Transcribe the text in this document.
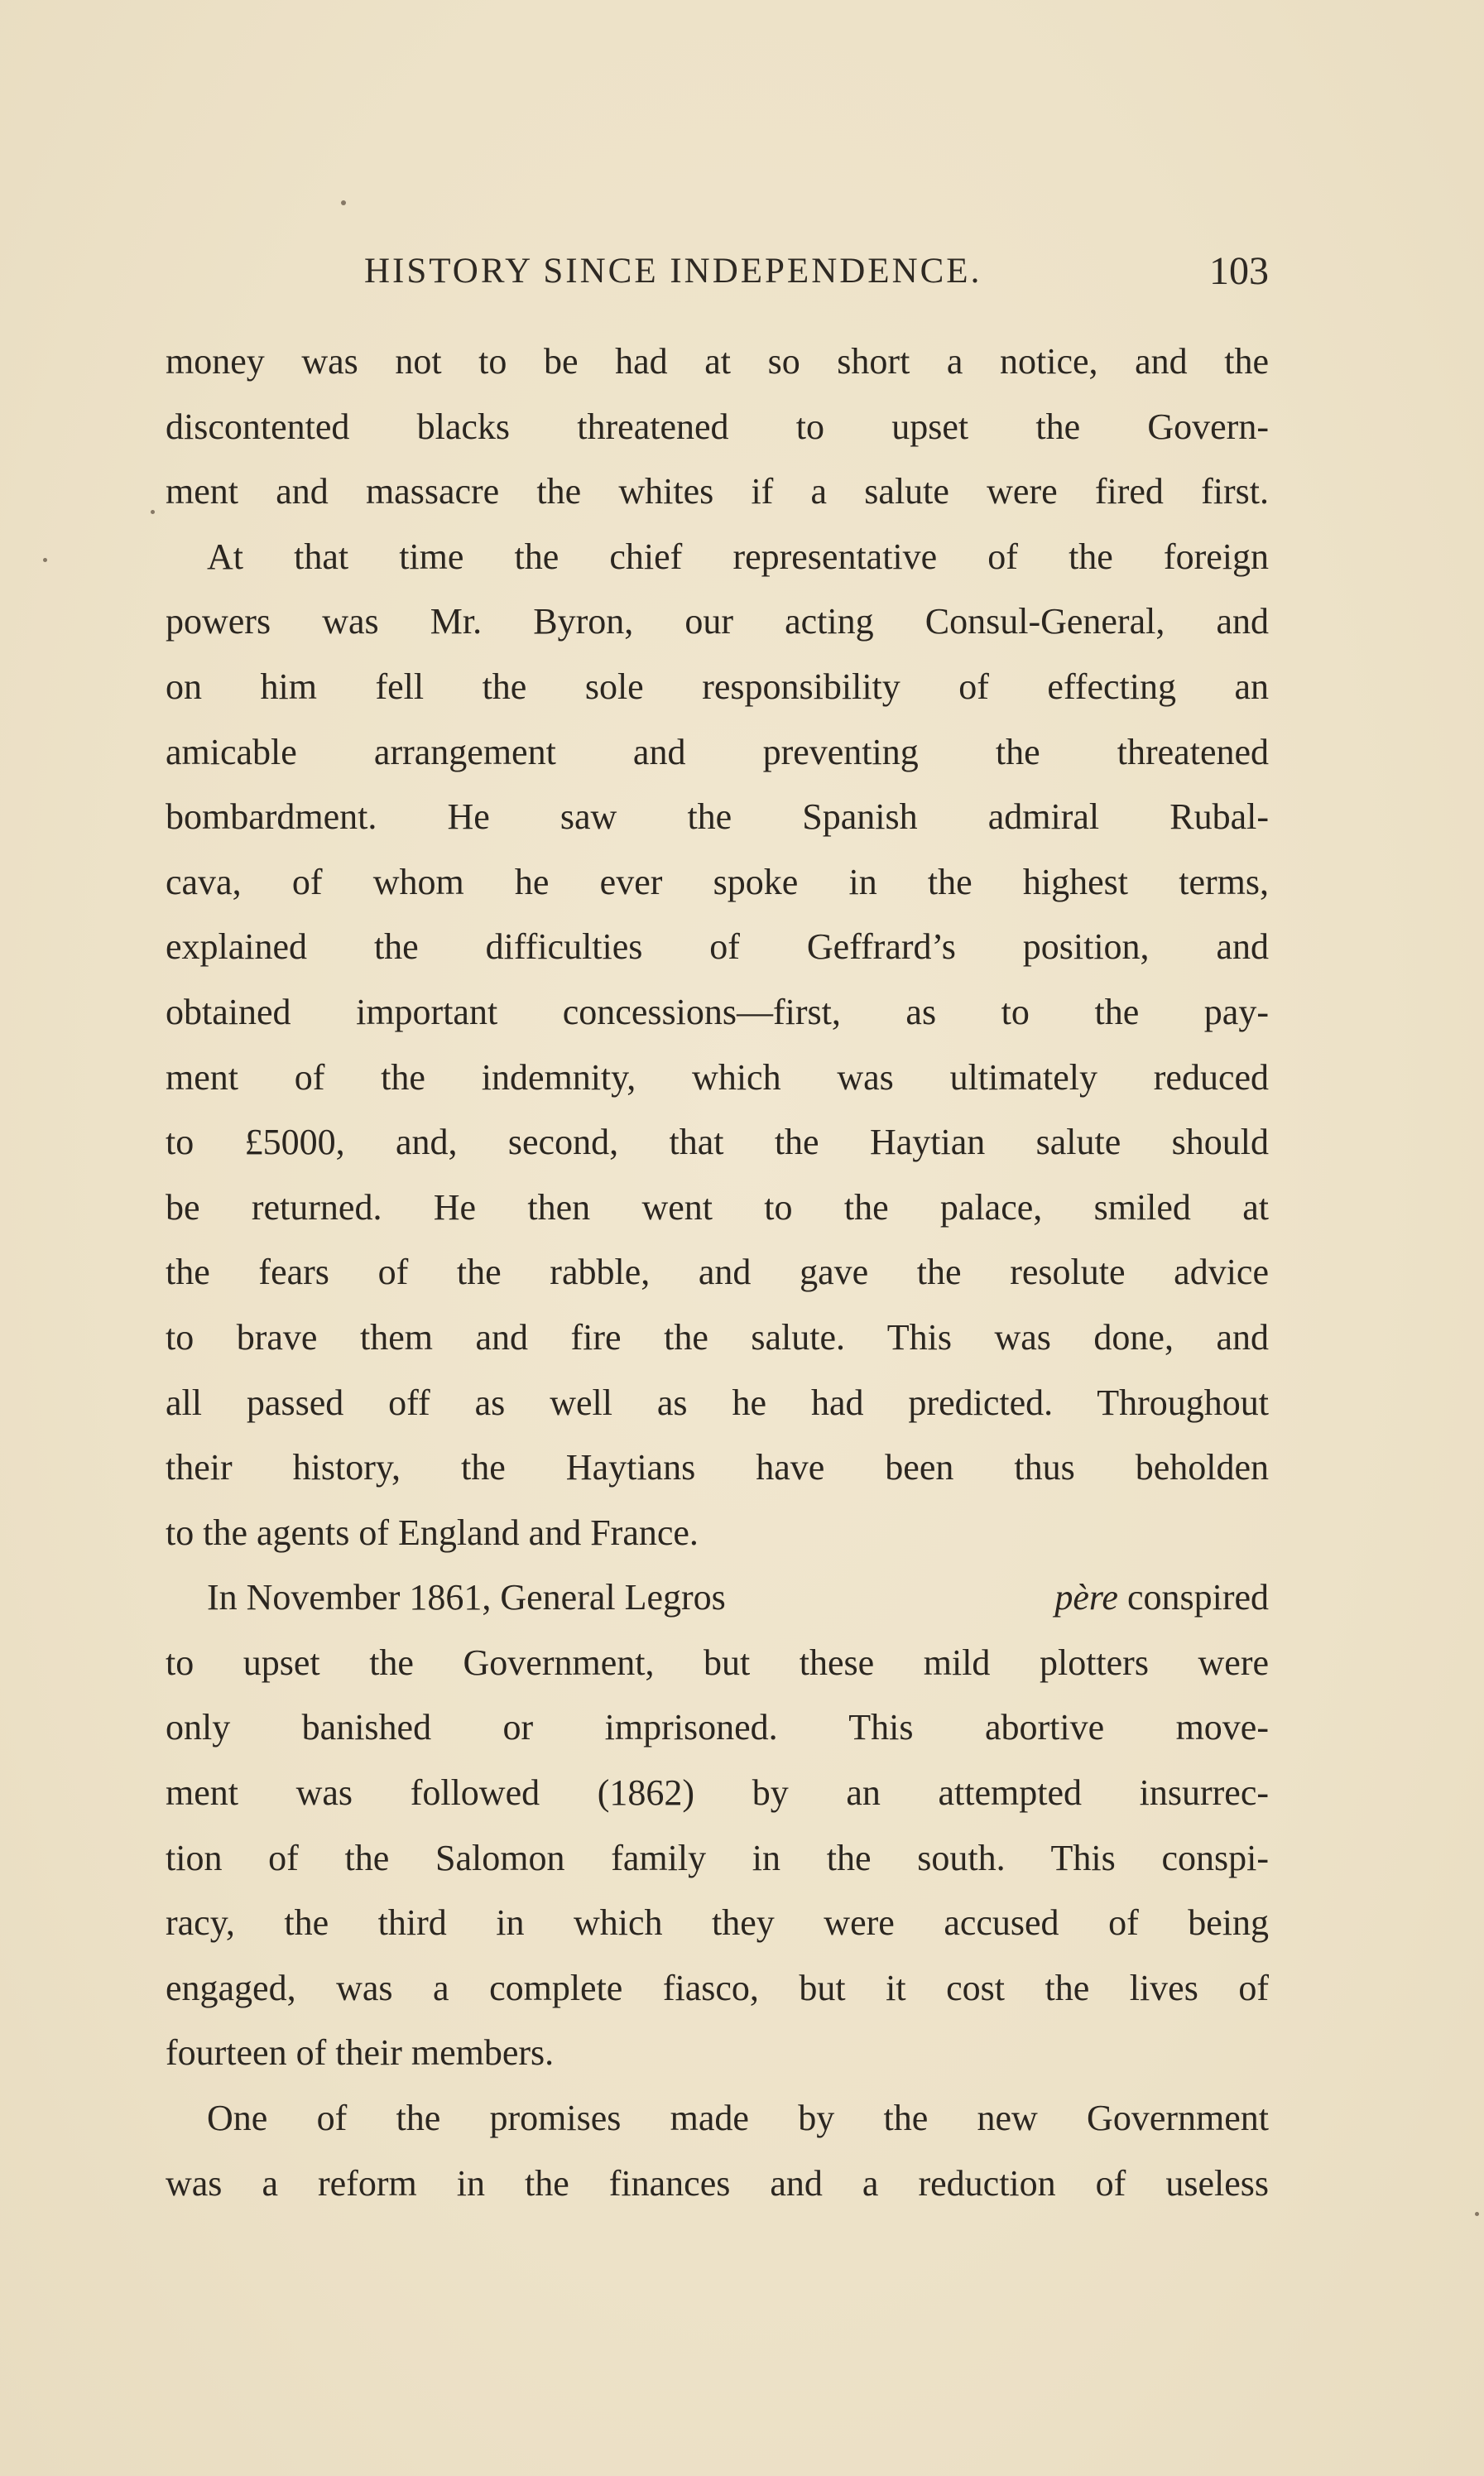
HISTORY SINCE INDEPENDENCE.	103
money was not to be had at so short a notice, and the
discontented blacks threatened to upset the Govern-
ment and massacre the whites if a salute were fired first.
At that time the chief representative of the foreign
powers was Mr. Byron, our acting Consul-General, and
on him fell the sole responsibility of effecting an
amicable arrangement and preventing the threatened
bombardment. He saw the Spanish admiral Rubal-
cava, of whom he ever spoke in the highest terms,
explained the difficulties of Geffrard’s position, and
obtained important concessions—first, as to the pay-
ment of the indemnity, which was ultimately reduced
to £5000, and, second, that the Haytian salute should
be returned. He then went to the palace, smiled at
the fears of the rabble, and gave the resolute advice
to brave them and fire the salute. This was done, and
all passed off as well as he had predicted. Throughout
their history, the Haytians have been thus beholden
to the agents of England and France.
In November 1861, General Legros	père conspired
to upset the Government, but these mild plotters were
only banished or imprisoned. This abortive move-
ment was followed (1862) by an attempted insurrec-
tion of the Salomon family in the south. This conspi-
racy, the third in which they were accused of being
engaged, was a complete fiasco, but it cost the lives of
fourteen of their members.
One of the promises made by the new Government
was a reform in the finances and a reduction of useless
